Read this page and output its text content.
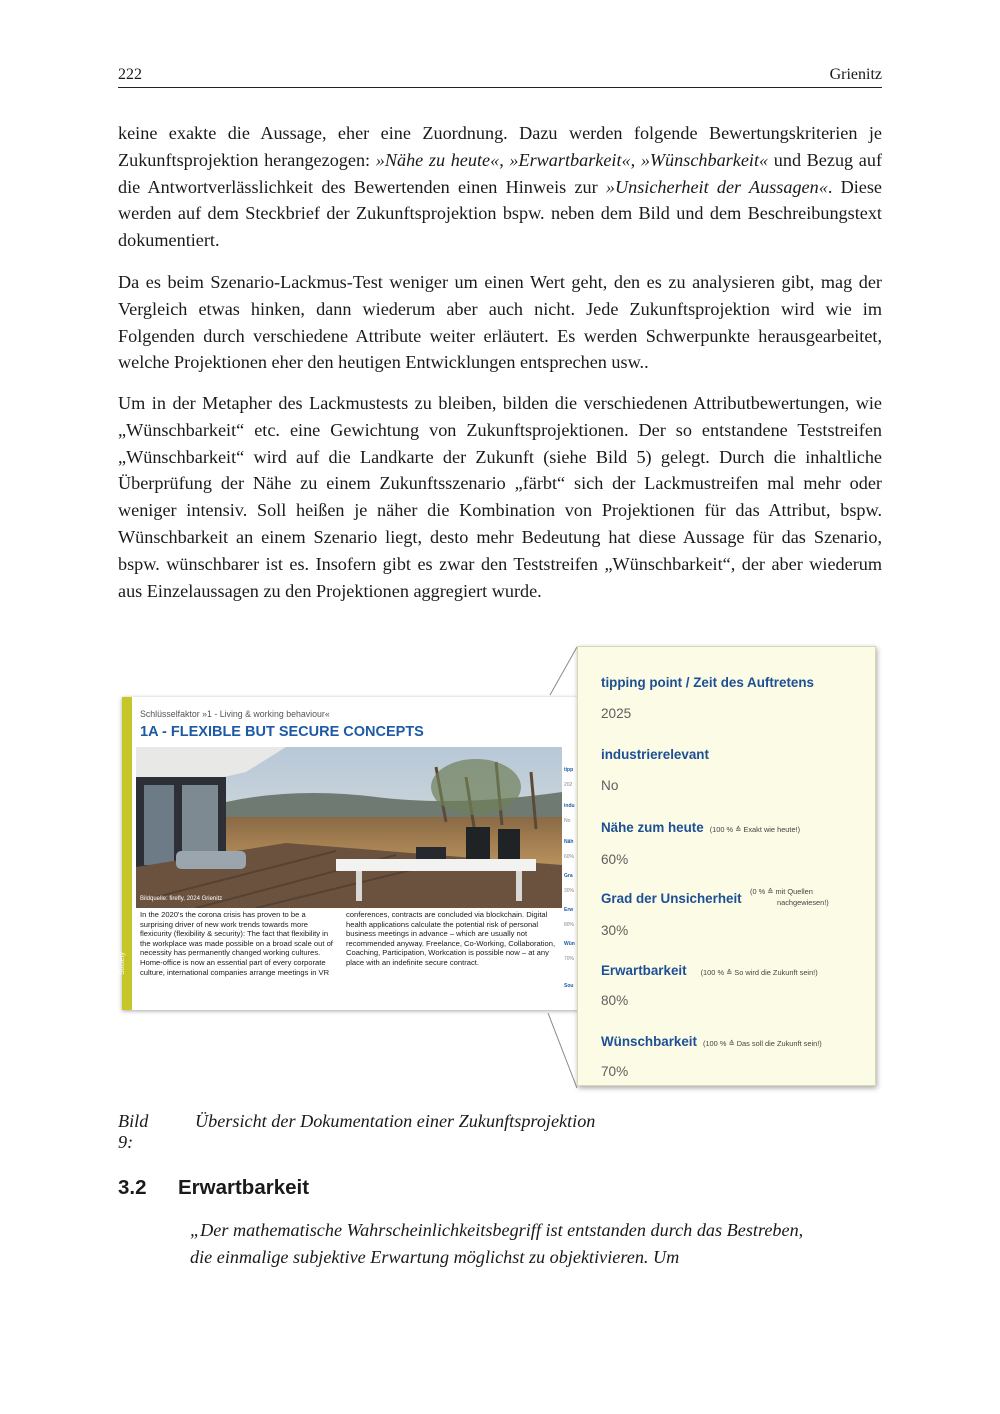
222	Grienitz

keine exakte die Aussage, eher eine Zuordnung. Dazu werden folgende Bewertungskriterien je Zukunftsprojektion herangezogen: »Nähe zu heute«, »Erwartbarkeit«, »Wünschbarkeit« und Bezug auf die Antwortverlässlichkeit des Bewertenden einen Hinweis zur »Unsicherheit der Aussagen«. Diese werden auf dem Steckbrief der Zukunftsprojektion bspw. neben dem Bild und dem Beschreibungstext dokumentiert.

Da es beim Szenario-Lackmus-Test weniger um einen Wert geht, den es zu analysieren gibt, mag der Vergleich etwas hinken, dann wiederum aber auch nicht. Jede Zukunftsprojektion wird wie im Folgenden durch verschiedene Attribute weiter erläutert. Es werden Schwerpunkte herausgearbeitet, welche Projektionen eher den heutigen Entwicklungen entsprechen usw..

Um in der Metapher des Lackmustests zu bleiben, bilden die verschiedenen Attributbewertungen, wie „Wünschbarkeit“ etc. eine Gewichtung von Zukunftsprojektionen. Der so entstandene Teststreifen „Wünschbarkeit“ wird auf die Landkarte der Zukunft (siehe Bild 5) gelegt. Durch die inhaltliche Überprüfung der Nähe zu einem Zukunftsszenario „färbt“ sich der Lackmustreifen mal mehr oder weniger intensiv. Soll heißen je näher die Kombination von Projektionen für das Attribut, bspw. Wünschbarkeit an einem Szenario liegt, desto mehr Bedeutung hat diese Aussage für das Szenario, bspw. wünschbarer ist es. Insofern gibt es zwar den Teststreifen „Wünschbarkeit“, der aber wiederum aus Einzelaussagen zu den Projektionen aggregiert wurde.

Society
Schlüsselfaktor »1 - Living & working behaviour«
1A - FLEXIBLE BUT SECURE CONCEPTS
Bildquelle: firefly, 2024 Grienitz

In the 2020's the corona crisis has proven to be a surprising driver of new work trends towards more flexicurity (flexibility & security): The fact that flexibility in the workplace was made possible on a broad scale out of necessity has permanently changed working cultures. Home-office is now an essential part of every corporate culture, international companies arrange meetings in VR

conferences, contracts are concluded via blockchain. Digital health applications calculate the potential risk of personal business meetings in advance – which are usually not recommended anyway. Freelance, Co-Working, Collaboration, Coaching, Participation, Workcation is possible now – at any place with an indefinite secure contract.

tipp
202
indu
No
Näh
60%
Gra
30%
Erw
80%
Wün
70%
Sou
tipping point / Zeit des Auftretens
2025
industrierelevant
No
Nähe zum heute (100 % ≙ Exakt wie heute!)
60%
Grad der Unsicherheit (0 % ≙ mit Quellen
nachgewiesen!)
30%
Erwartbarkeit (100 % ≙ So wird die Zukunft sein!)
80%
Wünschbarkeit (100 % ≙ Das soll die Zukunft sein!)
70%
Bild 9:
Übersicht der Dokumentation einer Zukunftsprojektion
3.2 Erwartbarkeit

„Der mathematische Wahrscheinlichkeitsbegriff ist entstanden durch das Bestreben, die einmalige subjektive Erwartung möglichst zu objektivieren. Um
